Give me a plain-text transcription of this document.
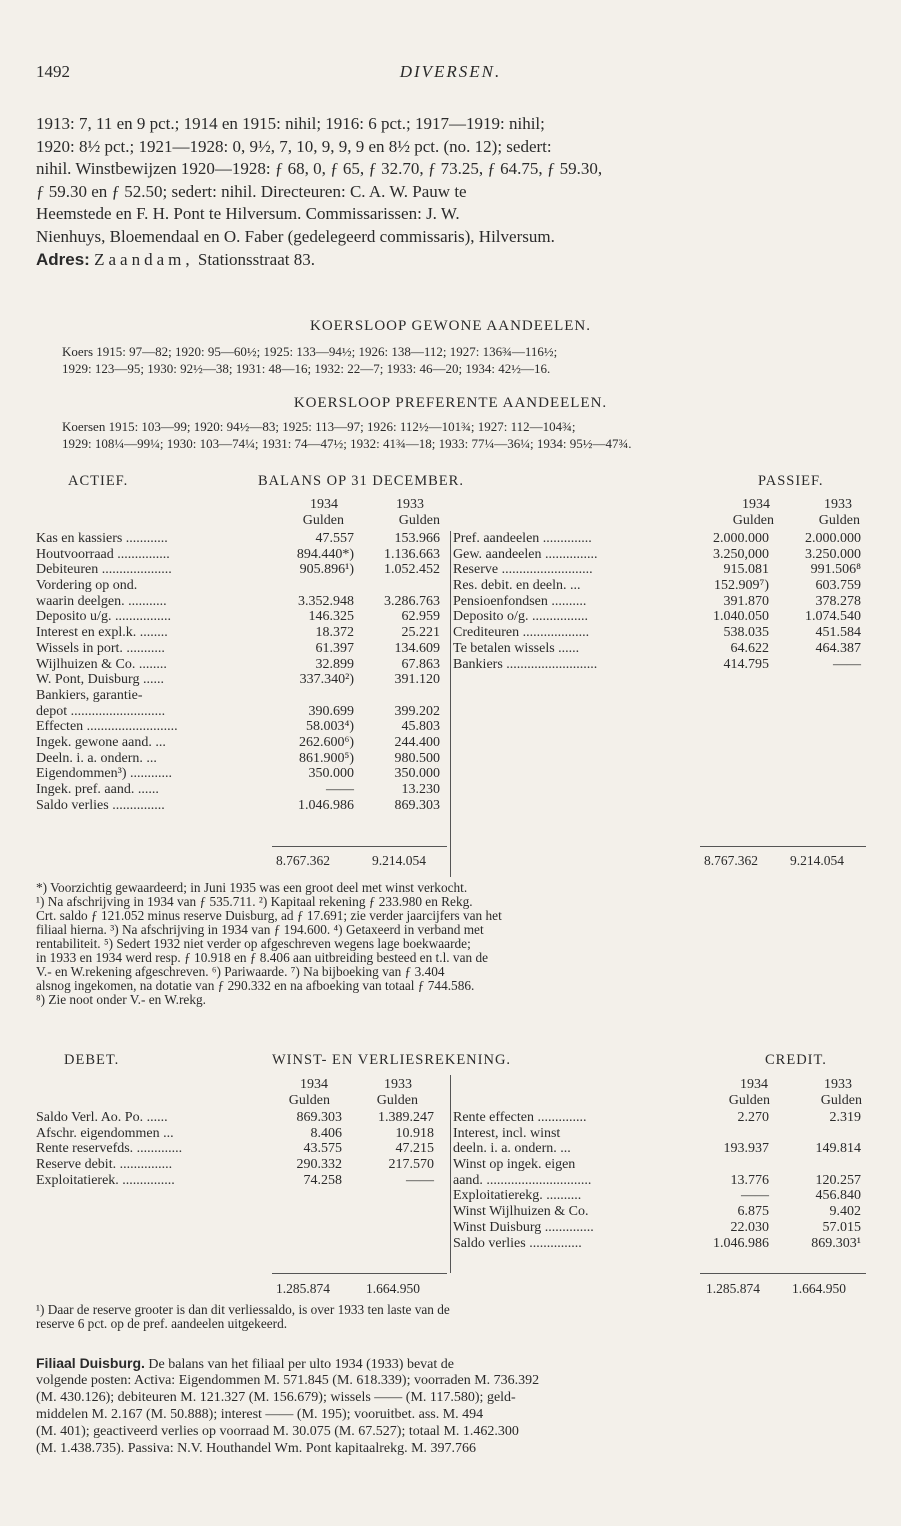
1492	DIVERSEN.
1913: 7, 11 en 9 pct.; 1914 en 1915: nihil; 1916: 6 pct.; 1917—1919: nihil;
1920: 8½ pct.; 1921—1928: 0, 9½, 7, 10, 9, 9, 9 en 8½ pct. (no. 12); sedert:
nihil. Winstbewijzen 1920—1928: ƒ 68, 0, ƒ 65, ƒ 32.70, ƒ 73.25, ƒ 64.75, ƒ 59.30,
ƒ 59.30 en ƒ 52.50; sedert: nihil. Directeuren: C. A. W. Pauw te
Heemstede en F. H. Pont te Hilversum. Commissarissen: J. W.
Nienhuys, Bloemendaal en O. Faber (gedelegeerd commissaris), Hilversum.
Adres: Zaandam, Stationsstraat 83.
KOERSLOOP GEWONE AANDEELEN.
Koers 1915: 97—82; 1920: 95—60½; 1925: 133—94½; 1926: 138—112; 1927: 136¾—116½;
1929: 123—95; 1930: 92½—38; 1931: 48—16; 1932: 22—7; 1933: 46—20; 1934: 42½—16.
KOERSLOOP PREFERENTE AANDEELEN.
Koersen 1915: 103—99; 1920: 94½—83; 1925: 113—97; 1926: 112½—101¾; 1927: 112—104¾;
1929: 108¼—99¼; 1930: 103—74¼; 1931: 74—47½; 1932: 41¾—18; 1933: 77¼—36¼; 1934: 95½—47¾.
ACTIEF.	BALANS OP 31 DECEMBER.	PASSIEF.
1934	1933	1934	1933
Gulden	Gulden	Gulden	Gulden
Kas en kassiers ............	47.557	153.966
Houtvoorraad ...............	894.440*)	1.136.663
Debiteuren ....................	905.896¹)	1.052.452
Vordering op ond.
waarin deelgen. ...........	3.352.948	3.286.763
Deposito u/g. ................	146.325	62.959
Interest en expl.k. ........	18.372	25.221
Wissels in port. ...........	61.397	134.609
Wijlhuizen & Co. ........	32.899	67.863
W. Pont, Duisburg ......	337.340²)	391.120
Bankiers, garantie-
depot ...........................	390.699	399.202
Effecten ..........................	58.003⁴)	45.803
Ingek. gewone aand. ...	262.600⁶)	244.400
Deeln. i. a. ondern. ...	861.900⁵)	980.500
Eigendommen³) ............	350.000	350.000
Ingek. pref. aand. ......	——	13.230
Saldo verlies ...............	1.046.986	869.303
Pref. aandeelen ..............	2.000.000	2.000.000
Gew. aandeelen ...............	3.250,000	3.250.000
Reserve ..........................	915.081	991.506⁸
Res. debit. en deeln. ...	152.909⁷)	603.759
Pensioenfondsen ..........	391.870	378.278
Deposito o/g. ................	1.040.050	1.074.540
Crediteuren ...................	538.035	451.584
Te betalen wissels ......	64.622	464.387
Bankiers ..........................	414.795	——
8.767.362	9.214.054	8.767.362 9.214.054
*) Voorzichtig gewaardeerd; in Juni 1935 was een groot deel met winst verkocht.
¹) Na afschrijving in 1934 van ƒ 535.711. ²) Kapitaal rekening ƒ 233.980 en Rekg.
Crt. saldo ƒ 121.052 minus reserve Duisburg, ad ƒ 17.691; zie verder jaarcijfers van het
filiaal hierna. ³) Na afschrijving in 1934 van ƒ 194.600. ⁴) Getaxeerd in verband met
rentabiliteit. ⁵) Sedert 1932 niet verder op afgeschreven wegens lage boekwaarde;
in 1933 en 1934 werd resp. ƒ 10.918 en ƒ 8.406 aan uitbreiding besteed en t.l. van de
V.- en W.rekening afgeschreven. ⁶) Pariwaarde. ⁷) Na bijboeking van ƒ 3.404
alsnog ingekomen, na dotatie van ƒ 290.332 en na afboeking van totaal ƒ 744.586.
⁸) Zie noot onder V.- en W.rekg.
DEBET.	WINST- EN VERLIESREKENING.	CREDIT.
1934	1933	1934	1933
Gulden	Gulden	Gulden	Gulden
Saldo Verl. Ao. Po. ......	869.303	1.389.247
Afschr. eigendommen ...	8.406	10.918
Rente reservefds. .............	43.575	47.215
Reserve debit. ...............	290.332	217.570
Exploitatierek. ...............	74.258	——
Rente effecten ..............	2.270	2.319
Interest, incl. winst
deeln. i. a. ondern. ...	193.937	149.814
Winst op ingek. eigen
aand. ..............................	13.776	120.257
Exploitatierekg. ..........	——	456.840
Winst Wijlhuizen & Co.	6.875	9.402
Winst Duisburg ..............	22.030	57.015
Saldo verlies ...............	1.046.986	869.303¹
1.285.874	1.664.950	1.285.874 1.664.950
¹) Daar de reserve grooter is dan dit verliessaldo, is over 1933 ten laste van de
reserve 6 pct. op de pref. aandeelen uitgekeerd.
Filiaal Duisburg. De balans van het filiaal per ulto 1934 (1933) bevat de
volgende posten: Activa: Eigendommen M. 571.845 (M. 618.339); voorraden M. 736.392
(M. 430.126); debiteuren M. 121.327 (M. 156.679); wissels —— (M. 117.580); geld-
middelen M. 2.167 (M. 50.888); interest —— (M. 195); vooruitbet. ass. M. 494
(M. 401); geactiveerd verlies op voorraad M. 30.075 (M. 67.527); totaal M. 1.462.300
(M. 1.438.735). Passiva: N.V. Houthandel Wm. Pont kapitaalrekg. M. 397.766
